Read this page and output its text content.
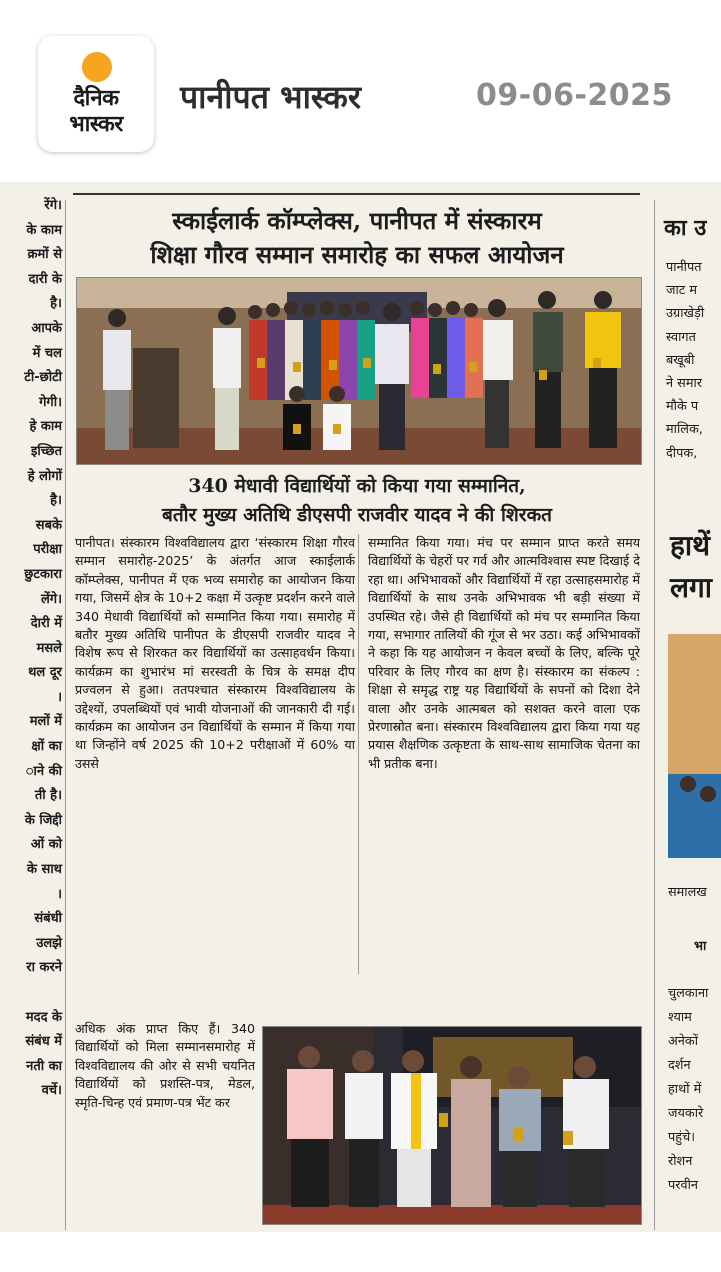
दैनिक
भास्कर
पानीपत भास्कर	09-06-2025
रेंगे।
के काम
क्रमों से
दारी के
है।
आपके
में चल
टी-छोटी
गेगी।
हे काम
इच्छित
हे लोगों
है।
सबके
परीक्षा
छुटकारा
लेंगे।
देारी में
मसले
थल दूर
।
मलों में
क्षों का
ाने की
ती है।
के जिद्दी
ओं को
के साथ
।
संबंधी
उलझे
रा करने

मदद के
संबंध में
नती का
वर्चे।
स्काईलार्क कॉम्प्लेक्स, पानीपत में संस्कारम
शिक्षा गौरव सम्मान समारोह का सफल आयोजन
340 मेधावी विद्यार्थियों को किया गया सम्मानित,
बतौर मुख्य अतिथि डीएसपी राजवीर यादव ने की शिरकत
पानीपत। संस्कारम विश्वविद्यालय द्वारा ‘संस्कारम शिक्षा गौरव सम्मान समारोह-2025’ के अंतर्गत आज स्काईलार्क कॉम्प्लेक्स, पानीपत में एक भव्य समारोह का आयोजन किया गया, जिसमें क्षेत्र के 10+2 कक्षा में उत्कृष्ट प्रदर्शन करने वाले 340 मेधावी विद्यार्थियों को सम्मानित किया गया। समारोह में बतौर मुख्य अतिथि पानीपत के डीएसपी राजवीर यादव ने विशेष रूप से शिरकत कर विद्यार्थियों का उत्साहवर्धन किया। कार्यक्रम का शुभारंभ मां सरस्वती के चित्र के समक्ष दीप प्रज्वलन से हुआ। ततपश्चात संस्कारम विश्वविद्यालय के उद्देश्यों, उपलब्धियों एवं भावी योजनाओं की जानकारी दी गई। कार्यक्रम का आयोजन उन विद्यार्थियों के सम्मान में किया गया था जिन्होंने वर्ष 2025 की 10+2 परीक्षाओं में 60% या उससे
सम्मानित किया गया। मंच पर सम्मान प्राप्त करते समय विद्यार्थियों के चेहरों पर गर्व और आत्मविश्वास स्पष्ट दिखाई दे रहा था। अभिभावकों और विद्यार्थियों में रहा उत्साहसमारोह में विद्यार्थियों के साथ उनके अभिभावक भी बड़ी संख्या में उपस्थित रहे। जैसे ही विद्यार्थियों को मंच पर सम्मानित किया गया, सभागार तालियों की गूंज से भर उठा। कई अभिभावकों ने कहा कि यह आयोजन न केवल बच्चों के लिए, बल्कि पूरे परिवार के लिए गौरव का क्षण है। संस्कारम का संकल्प : शिक्षा से समृद्ध राष्ट्र यह विद्यार्थियों के सपनों को दिशा देने वाला और उनके आत्मबल को सशक्त करने वाला एक प्रेरणास्रोत बना। संस्कारम विश्वविद्यालय द्वारा किया गया यह प्रयास शैक्षणिक उत्कृष्टता के साथ-साथ सामाजिक चेतना का भी प्रतीक बना।
अधिक अंक प्राप्त किए हैं। 340 विद्यार्थियों को मिला सम्मानसमारोह में विश्वविद्यालय की ओर से सभी चयनित विद्यार्थियों को प्रशस्ति-पत्र, मेडल, स्मृति-चिन्ह एवं प्रमाण-पत्र भेंट कर
का उ
पानीपत
जाट म
उग्राखेड़ी
स्वागत
बखूबी
ने समार
मौके प
मालिक,
दीपक,
हाथें
लगा
समालख
भा
चुलकाना
श्याम
अनेकों
दर्शन
हाथों में
जयकारे
पहुंचे।
रोशन
परवीन
